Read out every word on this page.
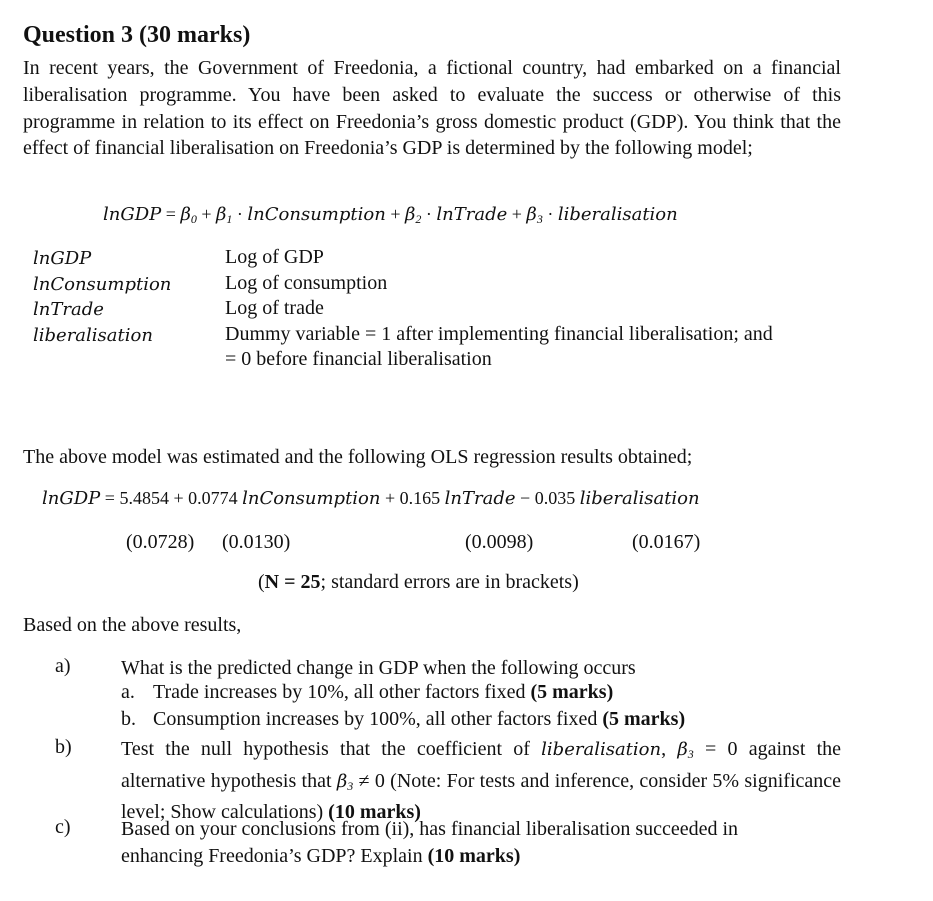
Question 3 (30 marks)
In recent years, the Government of Freedonia, a fictional country, had embarked on a financial liberalisation programme. You have been asked to evaluate the success or otherwise of this programme in relation to its effect on Freedonia’s gross domestic product (GDP). You think that the effect of financial liberalisation on Freedonia’s GDP is determined by the following model;
lnGDP = $\beta_0 + \beta_1$ · lnConsumption + $\beta_2$ · lnTrade + $\beta_3$ · liberalisation
lnGDP	Log of GDP
lnConsumption	Log of consumption
lnTrade	Log of trade
liberalisation	Dummy variable = 1 after implementing financial liberalisation; and
= 0 before financial liberalisation
The above model was estimated and the following OLS regression results obtained;
lnGDP = 5.4854 + 0.0774 lnConsumption + 0.165 lnTrade − 0.035 liberalisation
(0.0728) (0.0130)	(0.0098)	(0.0167)
(N = 25; standard errors are in brackets)
Based on the above results,
a)	What is the predicted change in GDP when the following occurs
a. Trade increases by 10%, all other factors fixed (5 marks)
b. Consumption increases by 100%, all other factors fixed (5 marks)
b) Test the null hypothesis that the coefficient of liberalisation, $\beta_3 = 0$ against the alternative hypothesis that $\beta_3 \ne 0$ (Note: For tests and inference, consider 5% significance level; Show calculations) (10 marks)
c)	Based on your conclusions from (ii), has financial liberalisation succeeded in enhancing Freedonia’s GDP? Explain (10 marks)
